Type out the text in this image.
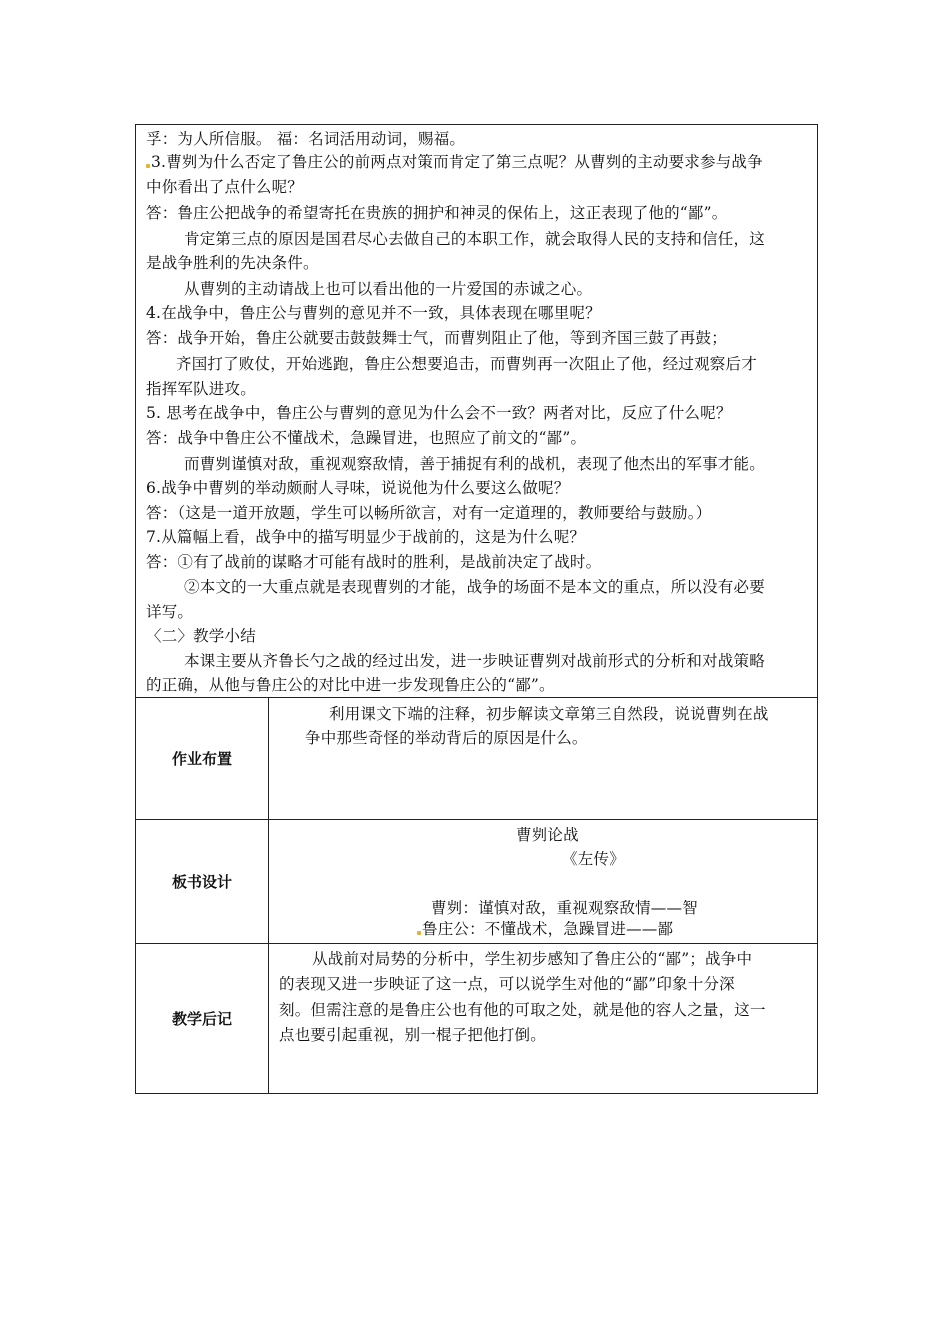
孚：为人所信服。 福：名词活用动词，赐福。
3.曹刿为什么否定了鲁庄公的前两点对策而肯定了第三点呢？从曹刿的主动要求参与战争
中你看出了点什么呢？
答：鲁庄公把战争的希望寄托在贵族的拥护和神灵的保佑上，这正表现了他的“鄙”。
肯定第三点的原因是国君尽心去做自己的本职工作，就会取得人民的支持和信任，这
是战争胜利的先决条件。
从曹刿的主动请战上也可以看出他的一片爱国的赤诚之心。
4.在战争中，鲁庄公与曹刿的意见并不一致，具体表现在哪里呢？
答：战争开始，鲁庄公就要击鼓鼓舞士气，而曹刿阻止了他，等到齐国三鼓了再鼓；
齐国打了败仗，开始逃跑，鲁庄公想要追击，而曹刿再一次阻止了他，经过观察后才
指挥军队进攻。
5. 思考在战争中，鲁庄公与曹刿的意见为什么会不一致？两者对比，反应了什么呢？
答：战争中鲁庄公不懂战术，急躁冒进，也照应了前文的“鄙”。
而曹刿谨慎对敌，重视观察敌情，善于捕捉有利的战机，表现了他杰出的军事才能。
6.战争中曹刿的举动颇耐人寻味，说说他为什么要这么做呢？
答：（这是一道开放题，学生可以畅所欲言，对有一定道理的，教师要给与鼓励。）
7.从篇幅上看，战争中的描写明显少于战前的，这是为什么呢？
答：①有了战前的谋略才可能有战时的胜利，是战前决定了战时。
②本文的一大重点就是表现曹刿的才能，战争的场面不是本文的重点，所以没有必要
详写。
〈二〉教学小结
本课主要从齐鲁长勺之战的经过出发，进一步映证曹刿对战前形式的分析和对战策略
的正确，从他与鲁庄公的对比中进一步发现鲁庄公的“鄙”。
作业布置
利用课文下端的注释，初步解读文章第三自然段，说说曹刿在战
争中那些奇怪的举动背后的原因是什么。
板书设计
曹刿论战
《左传》
曹刿：谨慎对敌，重视观察敌情——智
鲁庄公：不懂战术，急躁冒进——鄙
教学后记
从战前对局势的分析中，学生初步感知了鲁庄公的“鄙”；战争中
的表现又进一步映证了这一点，可以说学生对他的“鄙”印象十分深
刻。但需注意的是鲁庄公也有他的可取之处，就是他的容人之量，这一
点也要引起重视，别一棍子把他打倒。
